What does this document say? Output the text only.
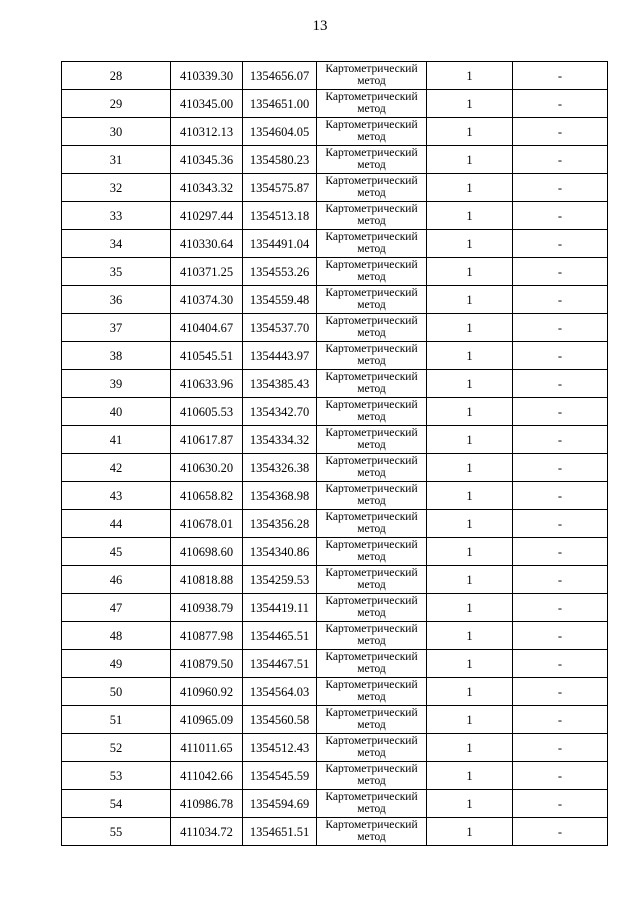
13
28	410339.30	1354656.07	Картометрический метод	1	-
29	410345.00	1354651.00	Картометрический метод	1	-
30	410312.13	1354604.05	Картометрический метод	1	-
31	410345.36	1354580.23	Картометрический метод	1	-
32	410343.32	1354575.87	Картометрический метод	1	-
33	410297.44	1354513.18	Картометрический метод	1	-
34	410330.64	1354491.04	Картометрический метод	1	-
35	410371.25	1354553.26	Картометрический метод	1	-
36	410374.30	1354559.48	Картометрический метод	1	-
37	410404.67	1354537.70	Картометрический метод	1	-
38	410545.51	1354443.97	Картометрический метод	1	-
39	410633.96	1354385.43	Картометрический метод	1	-
40	410605.53	1354342.70	Картометрический метод	1	-
41	410617.87	1354334.32	Картометрический метод	1	-
42	410630.20	1354326.38	Картометрический метод	1	-
43	410658.82	1354368.98	Картометрический метод	1	-
44	410678.01	1354356.28	Картометрический метод	1	-
45	410698.60	1354340.86	Картометрический метод	1	-
46	410818.88	1354259.53	Картометрический метод	1	-
47	410938.79	1354419.11	Картометрический метод	1	-
48	410877.98	1354465.51	Картометрический метод	1	-
49	410879.50	1354467.51	Картометрический метод	1	-
50	410960.92	1354564.03	Картометрический метод	1	-
51	410965.09	1354560.58	Картометрический метод	1	-
52	411011.65	1354512.43	Картометрический метод	1	-
53	411042.66	1354545.59	Картометрический метод	1	-
54	410986.78	1354594.69	Картометрический метод	1	-
55	411034.72	1354651.51	Картометрический метод	1	-
